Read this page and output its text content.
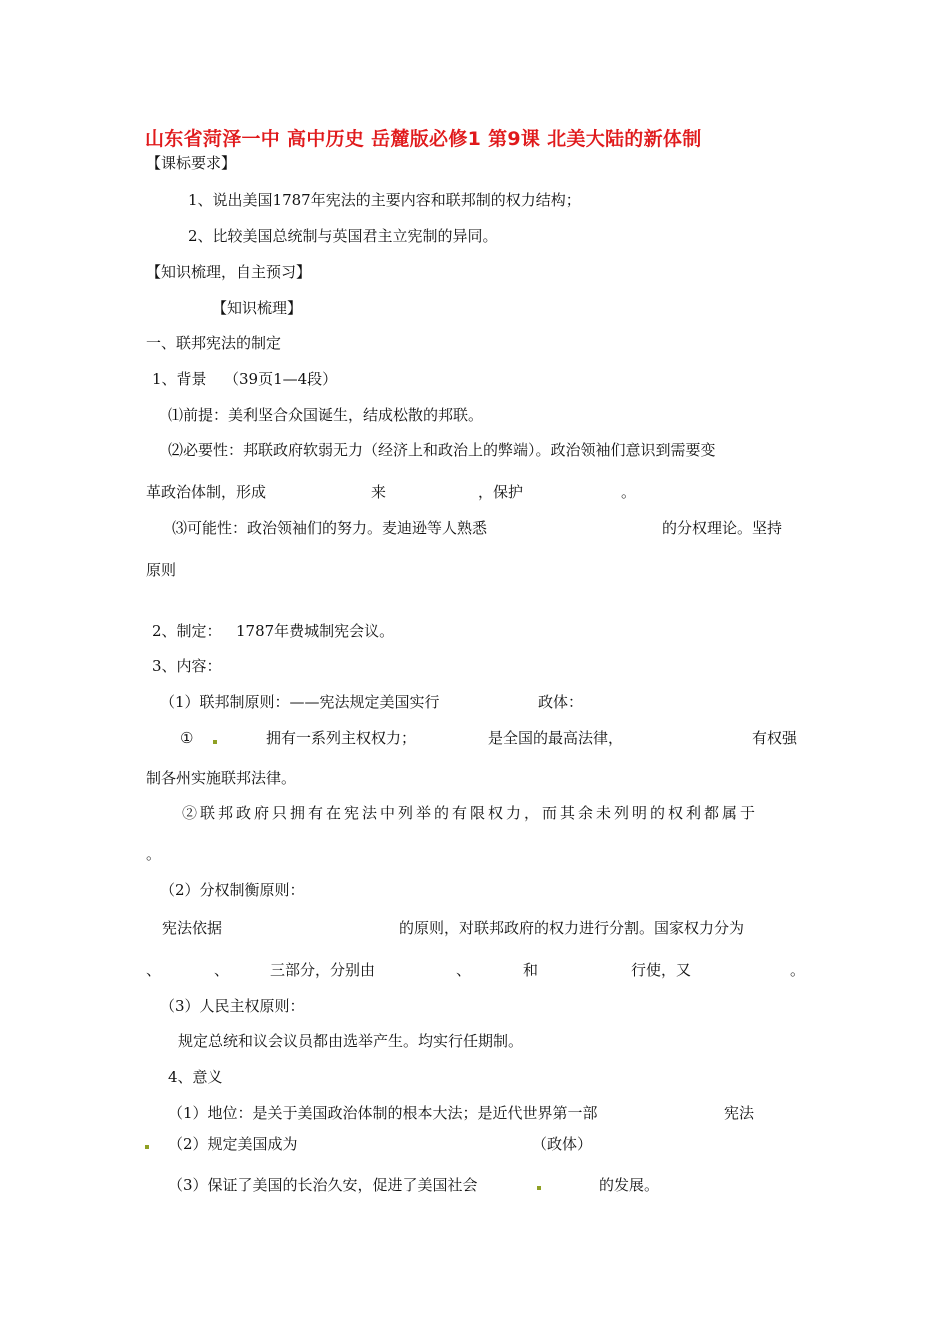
山东省菏泽一中 高中历史 岳麓版必修1 第9课 北美大陆的新体制
【课标要求】
1、说出美国1787年宪法的主要内容和联邦制的权力结构；
2、比较美国总统制与英国君主立宪制的异同。
【知识梳理，自主预习】
【知识梳理】
一、联邦宪法的制定
1、背景 （39页1—4段）
⑴前提：美利坚合众国诞生，结成松散的邦联。
⑵必要性：邦联政府软弱无力（经济上和政治上的弊端）。政治领袖们意识到需要变
革政治体制，形成	来	，保护	。
⑶可能性：政治领袖们的努力。麦迪逊等人熟悉	的分权理论。坚持
原则
2、制定： 1787年费城制宪会议。
3、内容：
（1）联邦制原则：——宪法规定美国实行	政体：
①	拥有一系列主权权力；	是全国的最高法律，	有权强
制各州实施联邦法律。
②联邦政府只拥有在宪法中列举的有限权力，而其余未列明的权利都属于
。
（2）分权制衡原则：
宪法依据	的原则，对联邦政府的权力进行分割。国家权力分为
、	、	三部分，分别由	、	和	行使，又	。
（3）人民主权原则：
规定总统和议会议员都由选举产生。均实行任期制。
4、意义
（1）地位：是关于美国政治体制的根本大法；是近代世界第一部	宪法
（2）规定美国成为	（政体）
（3）保证了美国的长治久安，促进了美国社会	的发展。
